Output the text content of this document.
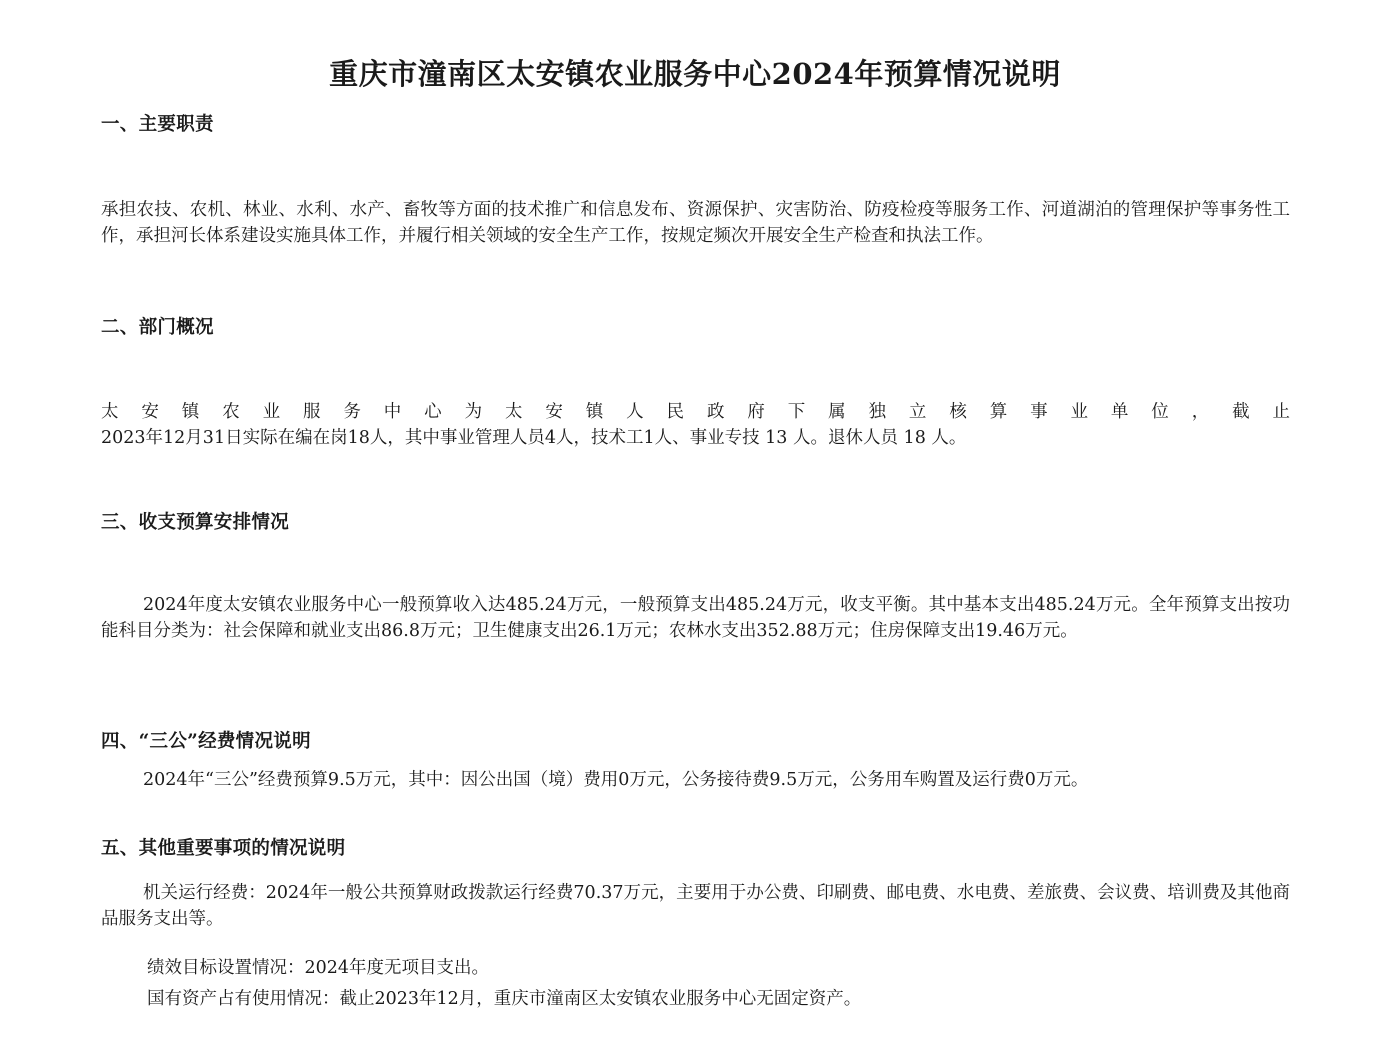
重庆市潼南区太安镇农业服务中心2024年预算情况说明
一、主要职责

承担农技、农机、林业、水利、水产、畜牧等方面的技术推广和信息发布、资源保护、灾害防治、防疫检疫等服务工作、河道湖泊的管理保护等事务性工作，承担河长体系建设实施具体工作，并履行相关领域的安全生产工作，按规定频次开展安全生产检查和执法工作。

二、部门概况

太安镇农业服务中心为太安镇人民政府下属独立核算事业单位，截止
2023年12月31日实际在编在岗18人，其中事业管理人员4人，技术工1人、事业专技 13 人。退休人员 18 人。

三、收支预算安排情况

2024年度太安镇农业服务中心一般预算收入达485.24万元，一般预算支出485.24万元，收支平衡。其中基本支出485.24万元。全年预算支出按功能科目分类为：社会保障和就业支出86.8万元；卫生健康支出26.1万元；农林水支出352.88万元；住房保障支出19.46万元。

四、“三公”经费情况说明

2024年“三公”经费预算9.5万元，其中：因公出国（境）费用0万元，公务接待费9.5万元，公务用车购置及运行费0万元。

五、其他重要事项的情况说明

机关运行经费：2024年一般公共预算财政拨款运行经费70.37万元，主要用于办公费、印刷费、邮电费、水电费、差旅费、会议费、培训费及其他商品服务支出等。

绩效目标设置情况：2024年度无项目支出。

国有资产占有使用情况：截止2023年12月，重庆市潼南区太安镇农业服务中心无固定资产。
